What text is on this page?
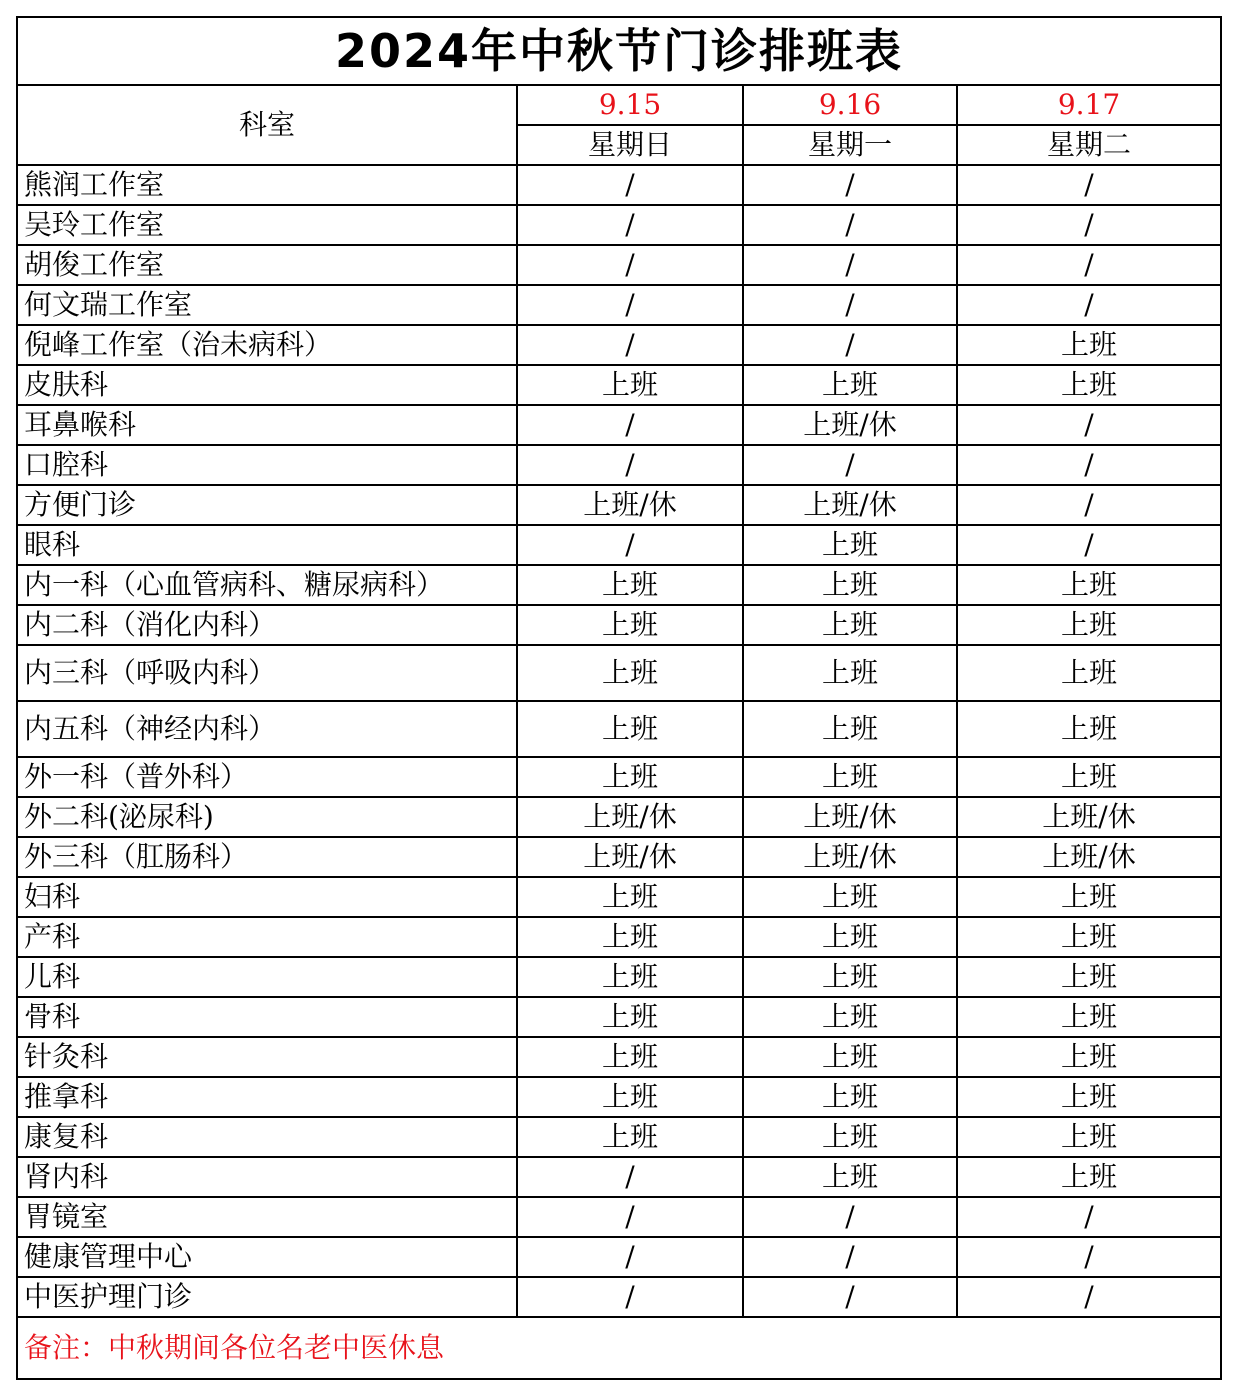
2024年中秋节门诊排班表			
科室	9.15	9.16	9.17
	星期日	星期一	星期二
熊润工作室	/	/	/
吴玲工作室	/	/	/
胡俊工作室	/	/	/
何文瑞工作室	/	/	/
倪峰工作室（治未病科）	/	/	上班
皮肤科	上班	上班	上班
耳鼻喉科	/	上班/休	/
口腔科	/	/	/
方便门诊	上班/休	上班/休	/
眼科	/	上班	/
内一科（心血管病科、糖尿病科）	上班	上班	上班
内二科（消化内科）	上班	上班	上班
内三科（呼吸内科）	上班	上班	上班
内五科（神经内科）	上班	上班	上班
外一科（普外科）	上班	上班	上班
外二科(泌尿科)	上班/休	上班/休	上班/休
外三科（肛肠科）	上班/休	上班/休	上班/休
妇科	上班	上班	上班
产科	上班	上班	上班
儿科	上班	上班	上班
骨科	上班	上班	上班
针灸科	上班	上班	上班
推拿科	上班	上班	上班
康复科	上班	上班	上班
肾内科	/	上班	上班
胃镜室	/	/	/
健康管理中心	/	/	/
中医护理门诊	/	/	/
备注：中秋期间各位名老中医休息			
